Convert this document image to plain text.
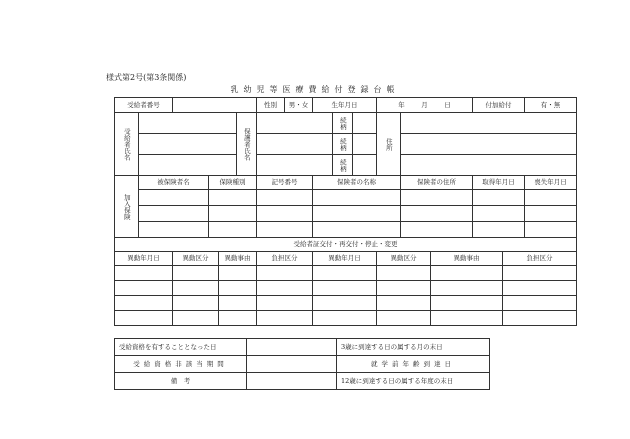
様式第2号(第3条関係)
乳幼児等医療費給付登録台帳
受給者番号						性別	男・女	生年月日			年 月 日			付加給付		有・無
受給者氏名					保護者氏名				続柄		住所					
									続柄							
									続柄							
加入保険	被保険者名		保険種別			記号番号		保険者の名称				保険者の住所		取得年月日		喪失年月日

受給者証交付・再交付・停止・変更																
異動年月日		異動区分		異動事由		負担区分		異動年月日			異動区分		異動事由		負担区分	

受給資格を有することとなった日		3歳に到達する日の属する月の末日
受給資格非該当期間		就学前年齢到達日
備　考		12歳に到達する日の属する年度の末日
